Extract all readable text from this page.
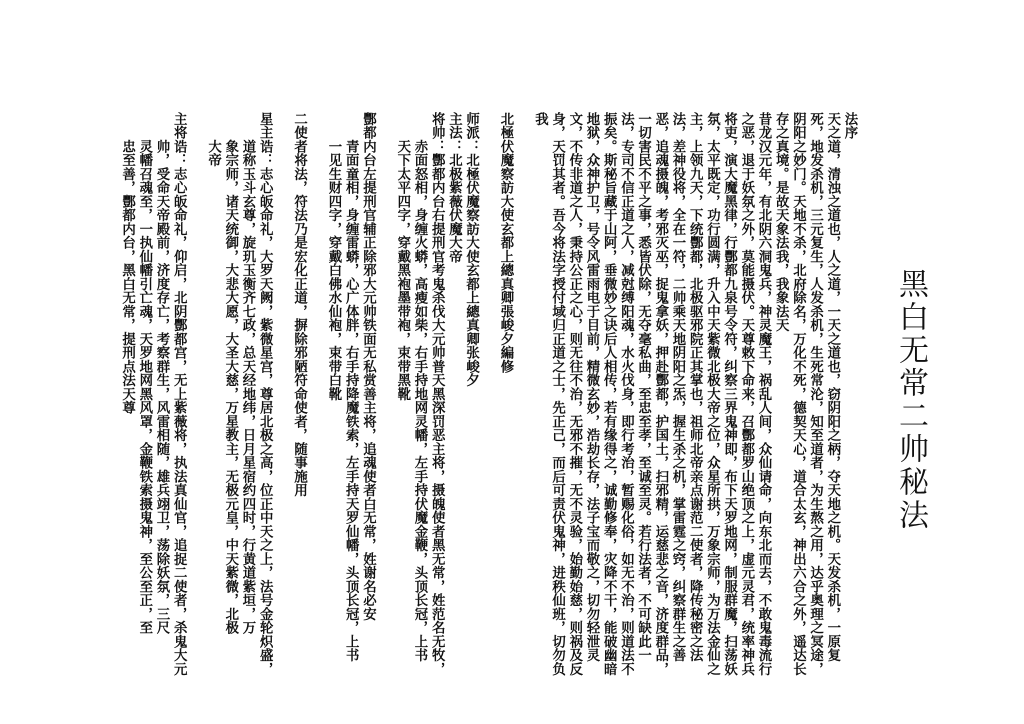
黑白无常二帅秘法

法序

天之道，清浊之道也，人之道，一天之道也，窃阴阳之柄，夺天地之机。天发杀机，一原复

死，地发杀机，三元复生，人发杀机，生死常沦，知至道者，为生熬之用，达乎奥理之冥途，

阴阳之妙门。天地不杀，北府除名，万化不死，德契天心，道合太玄，神出六合之外，遥达长

存之真境。是故天象法我，我象法天

昔龙汉元年，有北阴六洞鬼兵，神灵魔王，祸乱人间，众仙请命，向东北而去，不敢鬼毒流行

之恶，退于妖氛之外，莫能摄伏。天尊敕下命来，召酆都罗山绝顶之上，虚元灵君，统率神兵

将吏，演大魔黑律，行酆都九泉号令符，纠察三界鬼神即，布下天罗地网，制服群魔，扫荡妖

氛，太平既定，功行圆满，升入中天紫微北极大帝之位，众星所拱，万象宗师，为万法金仙之

主，上领九天，下统酆都，北极驱邪院正其掌也，祖师北帝亲点谢范二使者，降传秘密之法

法，差神役将，全在一符，二帅乘天地阴阳之炁，握生杀之机，掌雷霆之窍，纠察群生之善

恶，追魂摄魄，考邪灭巫，捉鬼拿妖，押赴酆都，护国土，扫邪精，运慈悲之音，济度群品，

一切害民不平之事，悉皆伏除，无夺毫私曲，至忠至孝，至诚至灵。若行法者，不可缺此一

法，专司不信正道之人，减尅缚阳魂，水火伐身，即行考治，暂赐化俗，如无不治，则道法不

振矣。斯秘旨藏于山阿，垂微妙之诀后人相传，若有缘得之，诚勤修奉，灾降不干，能破幽暗

地狱，众神护卫，号令风雷雨电于目前，精微玄妙，浩劫长存，法子宝而敬之，切勿轻泄灵

文，不传非道之人，秉持公正之心，则无往不治，无邪不摧，无不灵验，始勤始慈，则祸及反

身，天罚其者。吾今将法字授付域归正道之士，先正己，而后可责伏鬼神，进秩仙班，切勿负

我

北極伏魔察訪大使玄都上總真卿張峻夕編修

师派：北極伏魔察訪大使玄都上總真卿张峻夕

主法：北极紫薇伏魔大帝

将帅：酆都内台右提刑官考鬼杀伐大元帅普天黑深罚恶主将，摄魄使者黑无常，姓范名无牧，

　　赤面怒相，身缠火蟒，高瘦如柴，右手持地网灵幡，左手持伏魔金鞭，头顶长冠，上书

　　天下太平四字，穿戴黑袍墨带袍，束带黑靴

酆都内台左提刑官辅正除邪大元帅铁面无私赏善主将，追魂使者白无常，姓谢名必安

　　青面童相，身缠雷蟒，心广体胖，右手持降魔铁索，左手持天罗仙幡，头顶长冠，上书

　　一见生财四字，穿戴白佛水仙袍，束带白靴

二使者将法，符法乃是宏化正道，摒除邪陋符命使者，随事施用

星主诰：志心皈命礼，大罗天阙，紫微星宫，尊居北极之高，位正中天之上，法号金轮炽盛，

　　道称玉斗玄尊，旋玑玉衡齐七政，总天经地纬，日月星宿约四时，行黄道紫垣，万

　　象宗师，诸天统御，大悲大愿，大圣大慈，万星教主，无极元皇，中天紫微，北极

　　大帝

主将诰：志心皈命礼，仰启，北阴酆都宫，无上紫薇将，执法真仙官，追捉二使者，杀鬼大元

　　帅，受命天帝殿前，济度存亡，考察群生，风雷相随，雄兵翊卫，荡除妖氛，三尺

　　灵幡召魂至，一执仙幡引亡魂，天罗地网黑风罩，金鞭铁索摄鬼神，至公至正，至

　　忠至善，酆都内台，黑白无常，提刑点法天尊
